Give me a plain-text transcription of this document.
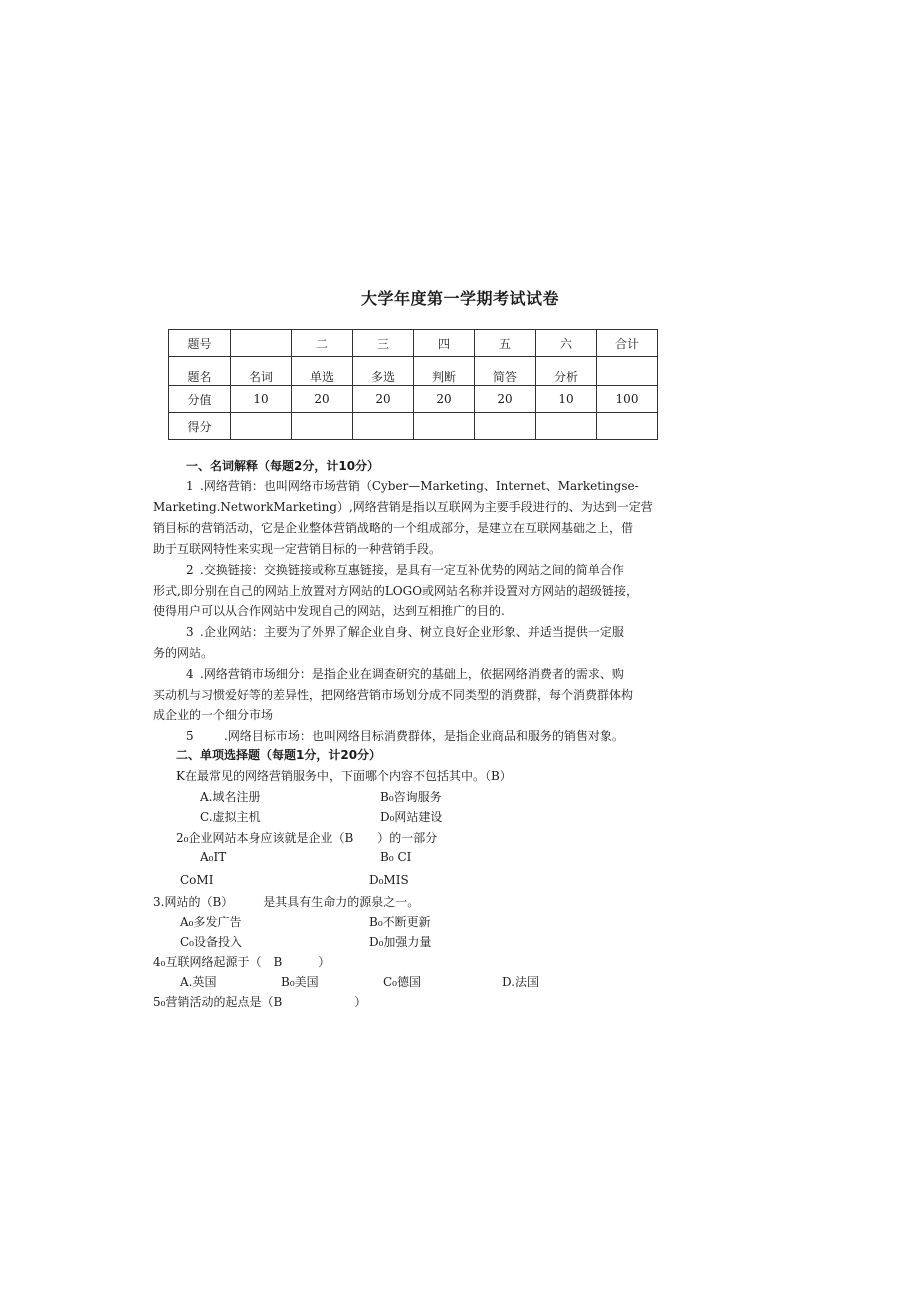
大学年度第一学期考试试卷
题号		二	三	四	五	六	合计
题名	名词	单选	多选	判断	简答	分析	
分值	10	20	20	20	20	10	100
得分							
一、名词解释（每题2分，计10分）
1 .网络营销：也叫网络市场营销（Cyber—Marketing、Internet、Marketingse-
Marketing.NetworkMarketing）,网络营销是指以互联网为主要手段进行的、为达到一定营
销目标的营销活动，它是企业整体营销战略的一个组成部分，是建立在互联网基础之上，借
助于互联网特性来实现一定营销目标的一种营销手段。
2 .交换链接：交换链接或称互惠链接，是具有一定互补优势的网站之间的简单合作
形式,即分别在自己的网站上放置对方网站的LOGO或网站名称并设置对方网站的超级链接，
使得用户可以从合作网站中发现自己的网站，达到互相推广的目的.
3 .企业网站：主要为了外界了解企业自身、树立良好企业形象、并适当提供一定服
务的网站。
4 .网络营销市场细分：是指企业在调查研究的基础上，依据网络消费者的需求、购
买动机与习惯爱好等的差异性，把网络营销市场划分成不同类型的消费群，每个消费群体构
成企业的一个细分市场
5	.网络目标市场：也叫网络目标消费群体，是指企业商品和服务的销售对象。
二、单项选择题（每题1分，计20分）
K在最常见的网络营销服务中，下面哪个内容不包括其中。（B）
A.域名注册	B₀咨询服务
C.虚拟主机	D₀网站建设
2₀企业网站本身应该就是企业（B　　）的一部分
A₀IT	B₀ CI
CoMI	D₀MIS
3.网站的（B）　　　是其具有生命力的源泉之一。
A₀多发广告	B₀不断更新
C₀设备投入	D₀加强力量
4₀互联网络起源于（　B　　　）
A.英国	B₀美国	C₀德国	D.法国
5₀营销活动的起点是（B　　　　　　）
